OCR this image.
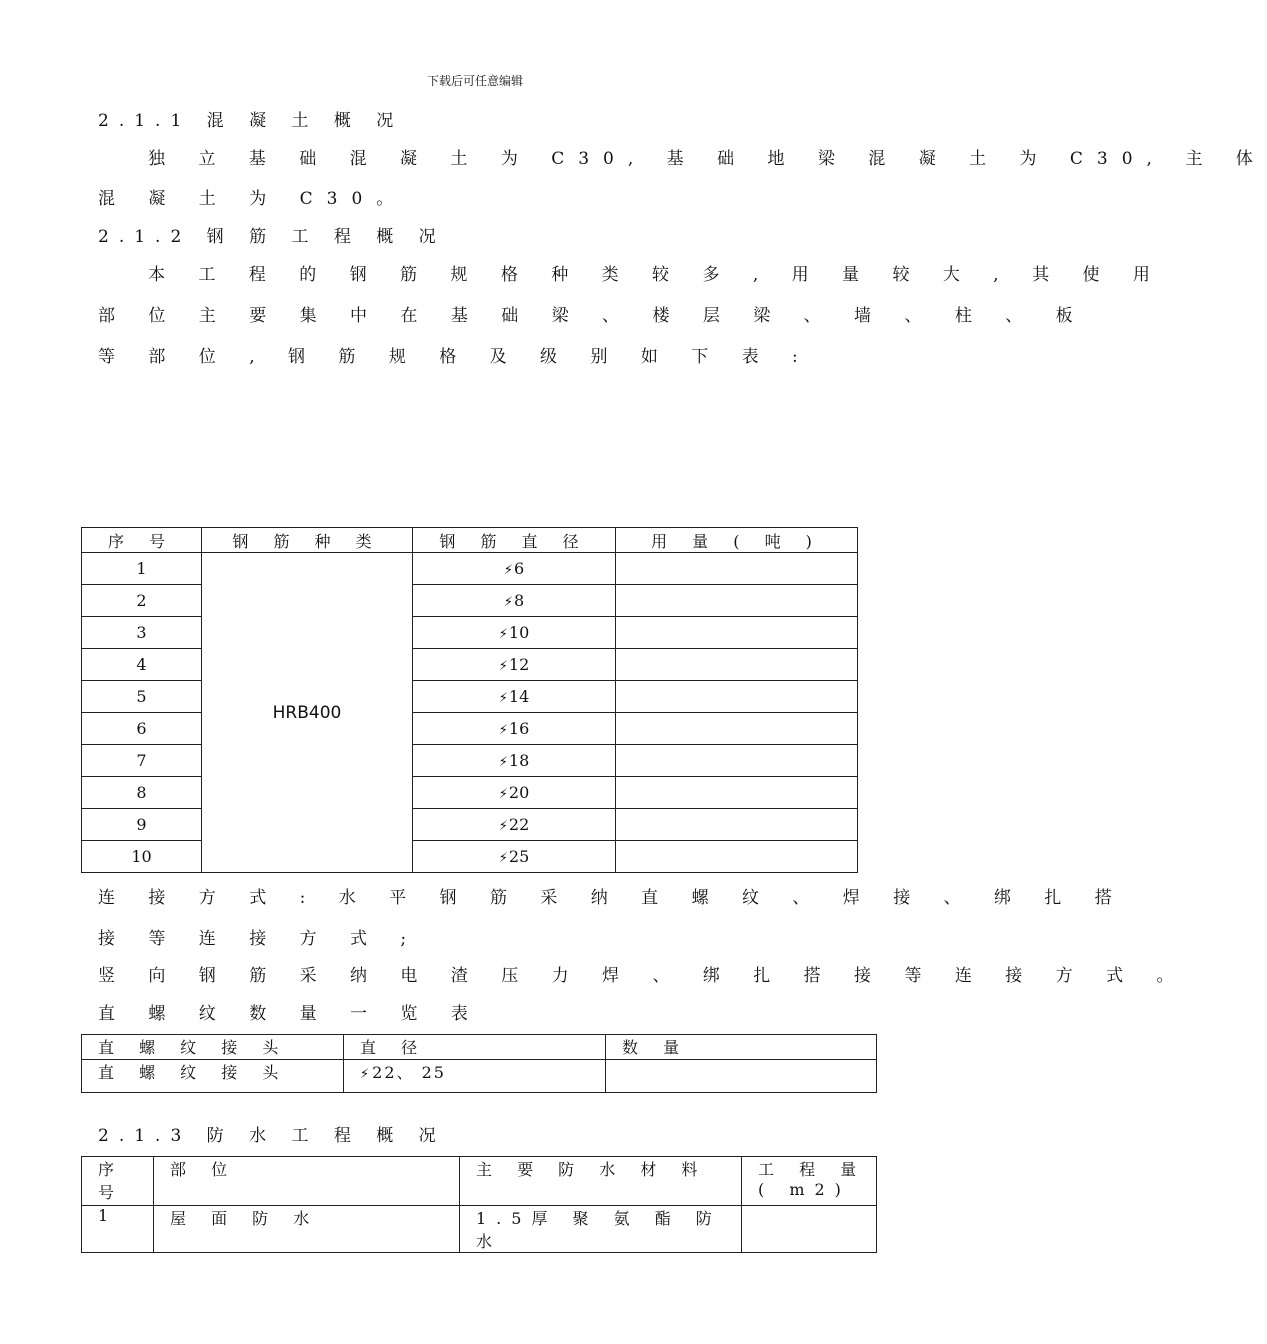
下载后可任意编辑
2.1.1 混 凝 土 概 况
独 立 基 础 混 凝 土 为 C30, 基 础 地 梁 混 凝 土 为 C30, 主 体
混 凝 土 为 C30。
2.1.2 钢 筋 工 程 概 况
本 工 程 的 钢 筋 规 格 种 类 较 多 , 用 量 较 大 , 其 使 用
部 位 主 要 集 中 在 基 础 梁 、 楼 层 梁 、 墙 、 柱 、 板
等 部 位 , 钢 筋 规 格 及 级 别 如 下 表 :
序 号	钢 筋 种 类	钢 筋 直 径	用 量 ( 吨 )
1	HRB400	⚡6	
2		⚡8	
3		⚡10	
4		⚡12	
5		⚡14	
6		⚡16	
7		⚡18	
8		⚡20	
9		⚡22	
10		⚡25	
连 接 方 式 : 水 平 钢 筋 采 纳 直 螺 纹 、 焊 接 、 绑 扎 搭
接 等 连 接 方 式 ;
竖 向 钢 筋 采 纳 电 渣 压 力 焊 、 绑 扎 搭 接 等 连 接 方 式 。
直 螺 纹 数 量 一 览 表
直 螺 纹 接 头	直 径	数 量
直 螺 纹 接 头	⚡22、 25	
2.1.3 防 水 工 程 概 况
序 号	部 位	主 要 防 水 材 料	工 程 量 ( m2)
1	屋 面 防 水	1.5厚 聚 氨 酯 防 水	
